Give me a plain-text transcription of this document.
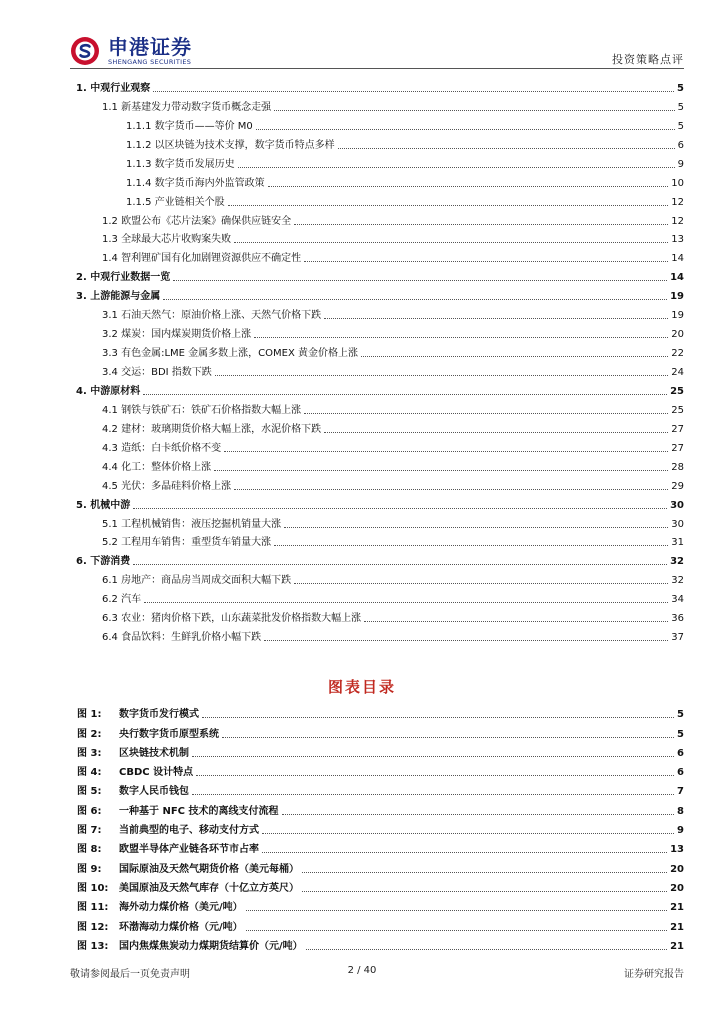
申港证券
SHENGANG SECURITIES	投资策略点评
1. 中观行业观察	5
1.1 新基建发力带动数字货币概念走强	5
1.1.1 数字货币——等价 M0	5
1.1.2 以区块链为技术支撑，数字货币特点多样	6
1.1.3 数字货币发展历史	9
1.1.4 数字货币海内外监管政策	10
1.1.5 产业链相关个股	12
1.2 欧盟公布《芯片法案》确保供应链安全	12
1.3 全球最大芯片收购案失败	13
1.4 智利锂矿国有化加剧锂资源供应不确定性	14
2. 中观行业数据一览	14
3. 上游能源与金属	19
3.1 石油天然气：原油价格上涨、天然气价格下跌	19
3.2 煤炭：国内煤炭期货价格上涨	20
3.3 有色金属:LME 金属多数上涨，COMEX 黄金价格上涨	22
3.4 交运：BDI 指数下跌	24
4. 中游原材料	25
4.1 钢铁与铁矿石：铁矿石价格指数大幅上涨	25
4.2 建材：玻璃期货价格大幅上涨，水泥价格下跌	27
4.3 造纸：白卡纸价格不变	27
4.4 化工：整体价格上涨	28
4.5 光伏：多晶硅料价格上涨	29
5. 机械中游	30
5.1 工程机械销售：液压挖掘机销量大涨	30
5.2 工程用车销售：重型货车销量大涨	31
6. 下游消费	32
6.1 房地产：商品房当周成交面积大幅下跌	32
6.2 汽车	34
6.3 农业：猪肉价格下跌，山东蔬菜批发价格指数大幅上涨	36
6.4 食品饮料：生鲜乳价格小幅下跌	37
图表目录
图 1:	数字货币发行模式	5
图 2:	央行数字货币原型系统	5
图 3:	区块链技术机制	6
图 4:	CBDC 设计特点	6
图 5:	数字人民币钱包	7
图 6:	一种基于 NFC 技术的离线支付流程	8
图 7:	当前典型的电子、移动支付方式	9
图 8:	欧盟半导体产业链各环节市占率	13
图 9:	国际原油及天然气期货价格（美元每桶）	20
图 10:	美国原油及天然气库存（十亿立方英尺）	20
图 11:	海外动力煤价格（美元/吨）	21
图 12:	环渤海动力煤价格（元/吨）	21
图 13:	国内焦煤焦炭动力煤期货结算价（元/吨）	21
敬请参阅最后一页免责声明	2 / 40	证券研究报告
